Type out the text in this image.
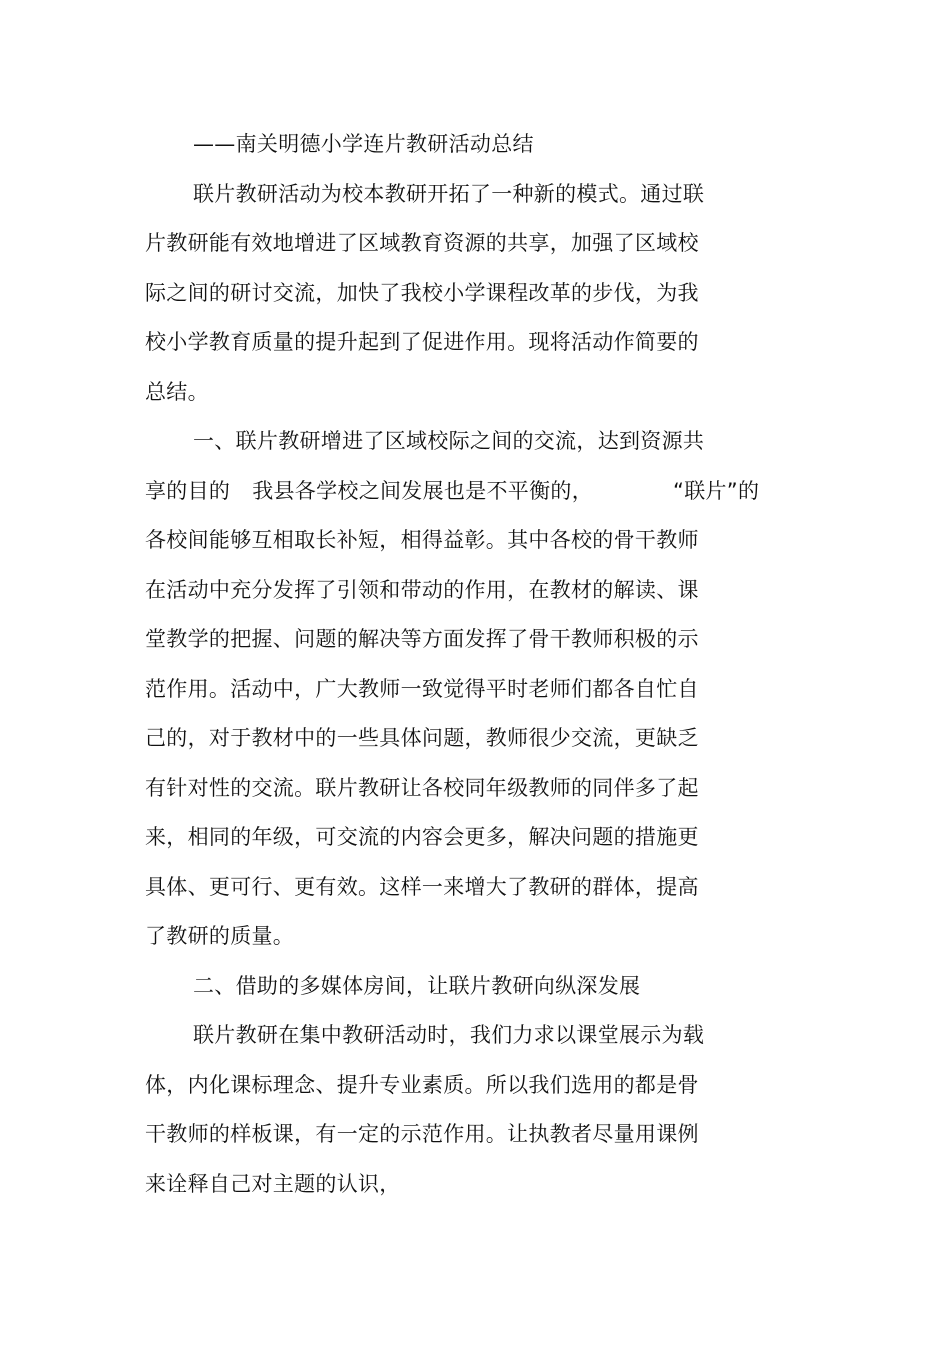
——南关明德小学连片教研活动总结
联片教研活动为校本教研开拓了一种新的模式。通过联
片教研能有效地增进了区域教育资源的共享，加强了区域校
际之间的研讨交流，加快了我校小学课程改革的步伐，为我
校小学教育质量的提升起到了促进作用。现将活动作简要的
总结。
一、联片教研增进了区域校际之间的交流，达到资源共
享的目的 我县各学校之间发展也是不平衡的，	“联片”的
各校间能够互相取长补短，相得益彰。其中各校的骨干教师
在活动中充分发挥了引领和带动的作用，在教材的解读、课
堂教学的把握、问题的解决等方面发挥了骨干教师积极的示
范作用。活动中，广大教师一致觉得平时老师们都各自忙自
己的，对于教材中的一些具体问题，教师很少交流，更缺乏
有针对性的交流。联片教研让各校同年级教师的同伴多了起
来，相同的年级，可交流的内容会更多，解决问题的措施更
具体、更可行、更有效。这样一来增大了教研的群体，提高
了教研的质量。
二、借助的多媒体房间，让联片教研向纵深发展
联片教研在集中教研活动时，我们力求以课堂展示为载
体，内化课标理念、提升专业素质。所以我们选用的都是骨
干教师的样板课，有一定的示范作用。让执教者尽量用课例
来诠释自己对主题的认识，
